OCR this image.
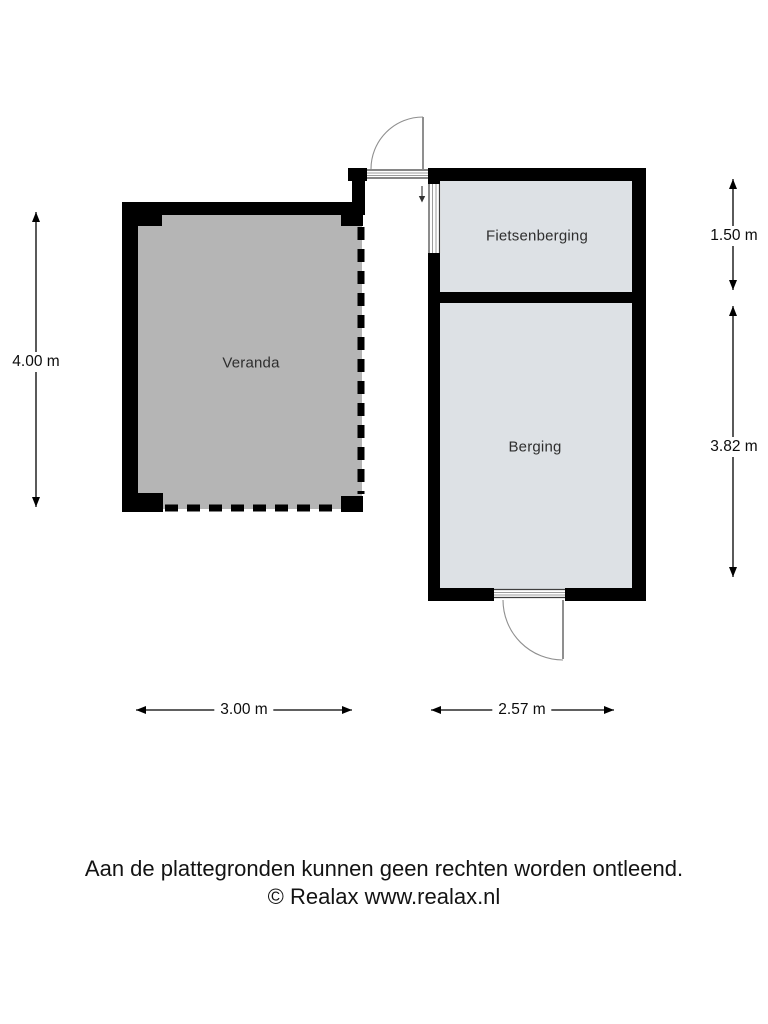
Veranda
Fietsenberging
Berging
4.00 m
1.50 m
3.82 m
3.00 m	2.57 m
Aan de plattegronden kunnen geen rechten worden ontleend.
© Realax www.realax.nl
